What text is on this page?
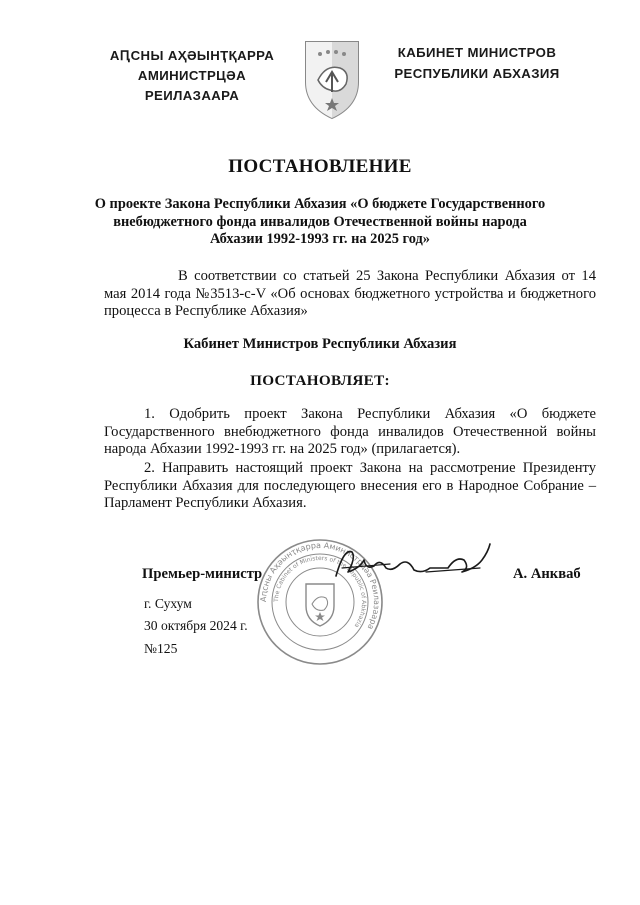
АԤСНЫ АҲӘЫНҬҚАРРА
АМИНИСТРЦӘА РЕИЛАЗААРА
КАБИНЕТ МИНИСТРОВ
РЕСПУБЛИКИ АБХАЗИЯ
ПОСТАНОВЛЕНИЕ
О проекте Закона Республики Абхазия «О бюджете Государственного внебюджетного фонда инвалидов Отечественной войны народа Абхазии 1992-1993 гг. на 2025 год»
В соответствии со статьей 25 Закона Республики Абхазия от 14 мая 2014 года №3513-с-V «Об основах бюджетного устройства и бюджетного процесса в Республике Абхазия»
Кабинет Министров Республики Абхазия
ПОСТАНОВЛЯЕТ:
1. Одобрить проект Закона Республики Абхазия «О бюджете Государственного внебюджетного фонда инвалидов Отечественной войны народа Абхазии 1992-1993 гг. на 2025 год» (прилагается).
2. Направить настоящий проект Закона на рассмотрение Президенту Республики Абхазия для последующего внесения его в Народное Собрание – Парламент Республики Абхазия.
Аԥсны Аҳәынҭқарра Аминистрцәа Реилазаара
The Cabinet of Ministers of the Republic of Abkhazia
Премьер-министр	А. Анкваб
г. Сухум
30 октября 2024 г.
№125
